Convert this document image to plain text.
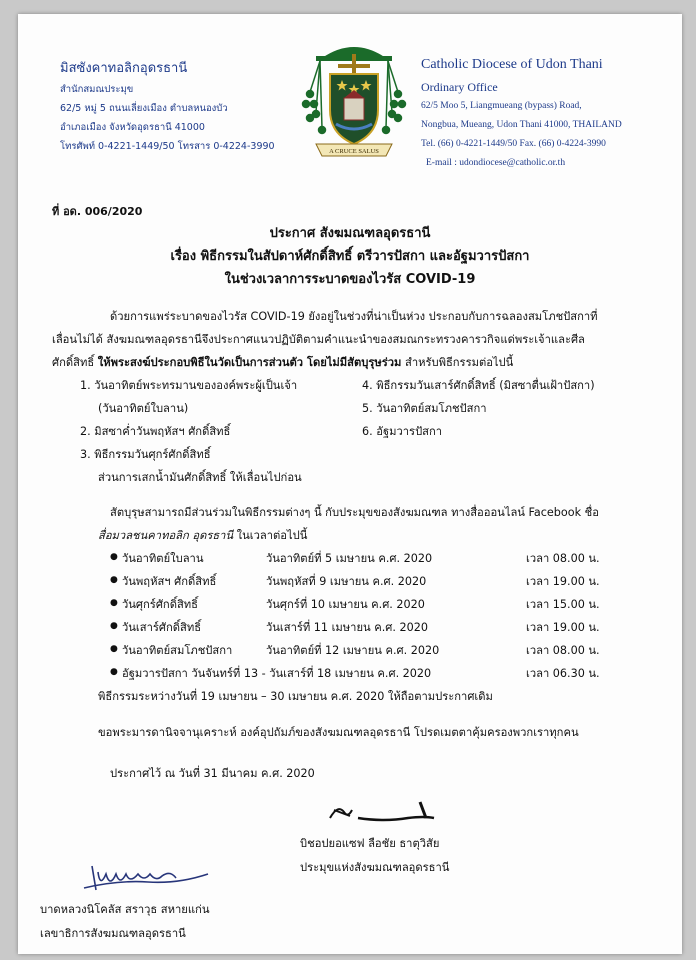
มิสซังคาทอลิกอุดรธานี
สำนักสมณประมุข
62/5 หมู่ 5 ถนนเลี่ยงเมือง ตำบลหนองบัว
อำเภอเมือง จังหวัดอุดรธานี 41000
โทรศัพท์ 0-4221-1449/50 โทรสาร 0-4224-3990	A CRUCE SALUS
Catholic Diocese of Udon Thani
Ordinary Office
62/5 Moo 5, Liangmueang (bypass) Road,
Nongbua, Mueang, Udon Thani 41000, THAILAND
Tel. (66) 0-4221-1449/50 Fax. (66) 0-4224-3990
E-mail : udondiocese@catholic.or.th
ที่ อด. 006/2020
ประกาศ สังฆมณฑลอุดรธานี
เรื่อง พิธีกรรมในสัปดาห์ศักดิ์สิทธิ์ ตรีวารปัสกา และอัฐมวารปัสกา
ในช่วงเวลาการระบาดของไวรัส COVID-19
ด้วยการแพร่ระบาดของไวรัส COVID-19 ยังอยู่ในช่วงที่น่าเป็นห่วง ประกอบกับการฉลองสมโภชปัสกาที่
เลื่อนไม่ได้ สังฆมณฑลอุดรธานีจึงประกาศแนวปฏิบัติตามคำแนะนำของสมณกระทรวงคารวกิจแด่พระเจ้าและศีล
ศักดิ์สิทธิ์ ให้พระสงฆ์ประกอบพิธีในวัดเป็นการส่วนตัว โดยไม่มีสัตบุรุษร่วม สำหรับพิธีกรรมต่อไปนี้
1. วันอาทิตย์พระทรมานขององค์พระผู้เป็นเจ้า
(วันอาทิตย์ใบลาน)
2. มิสซาค่ำวันพฤหัสฯ ศักดิ์สิทธิ์
3. พิธีกรรมวันศุกร์ศักดิ์สิทธิ์
4. พิธีกรรมวันเสาร์ศักดิ์สิทธิ์ (มิสซาตื่นเฝ้าปัสกา)
5. วันอาทิตย์สมโภชปัสกา
6. อัฐมวารปัสกา
ส่วนการเสกน้ำมันศักดิ์สิทธิ์ ให้เลื่อนไปก่อน
สัตบุรุษสามารถมีส่วนร่วมในพิธีกรรมต่างๆ นี้ กับประมุขของสังฆมณฑล ทางสื่อออนไลน์ Facebook ชื่อ
สื่อมวลชนคาทอลิก อุดรธานี ในเวลาต่อไปนี้
● วันอาทิตย์ใบลาน	วันอาทิตย์ที่ 5 เมษายน ค.ศ. 2020	เวลา 08.00 น.
● วันพฤหัสฯ ศักดิ์สิทธิ์	วันพฤหัสที่ 9 เมษายน ค.ศ. 2020	เวลา 19.00 น.
● วันศุกร์ศักดิ์สิทธิ์	วันศุกร์ที่ 10 เมษายน ค.ศ. 2020	เวลา 15.00 น.
● วันเสาร์ศักดิ์สิทธิ์	วันเสาร์ที่ 11 เมษายน ค.ศ. 2020	เวลา 19.00 น.
● วันอาทิตย์สมโภชปัสกา	วันอาทิตย์ที่ 12 เมษายน ค.ศ. 2020	เวลา 08.00 น.
● อัฐมวารปัสกา วันจันทร์ที่ 13 - วันเสาร์ที่ 18 เมษายน ค.ศ. 2020	เวลา 06.30 น.
พิธีกรรมระหว่างวันที่ 19 เมษายน – 30 เมษายน ค.ศ. 2020 ให้ถือตามประกาศเดิม
ขอพระมารดานิจจานุเคราะห์ องค์อุปถัมภ์ของสังฆมณฑลอุดรธานี โปรดเมตตาคุ้มครองพวกเราทุกคน
ประกาศไว้ ณ วันที่ 31 มีนาคม ค.ศ. 2020
บิชอปยอแซฟ ลือชัย ธาตุวิสัย
ประมุขแห่งสังฆมณฑลอุดรธานี
บาดหลวงนิโคลัส สราวุธ สหายแก่น
เลขาธิการสังฆมณฑลอุดรธานี
